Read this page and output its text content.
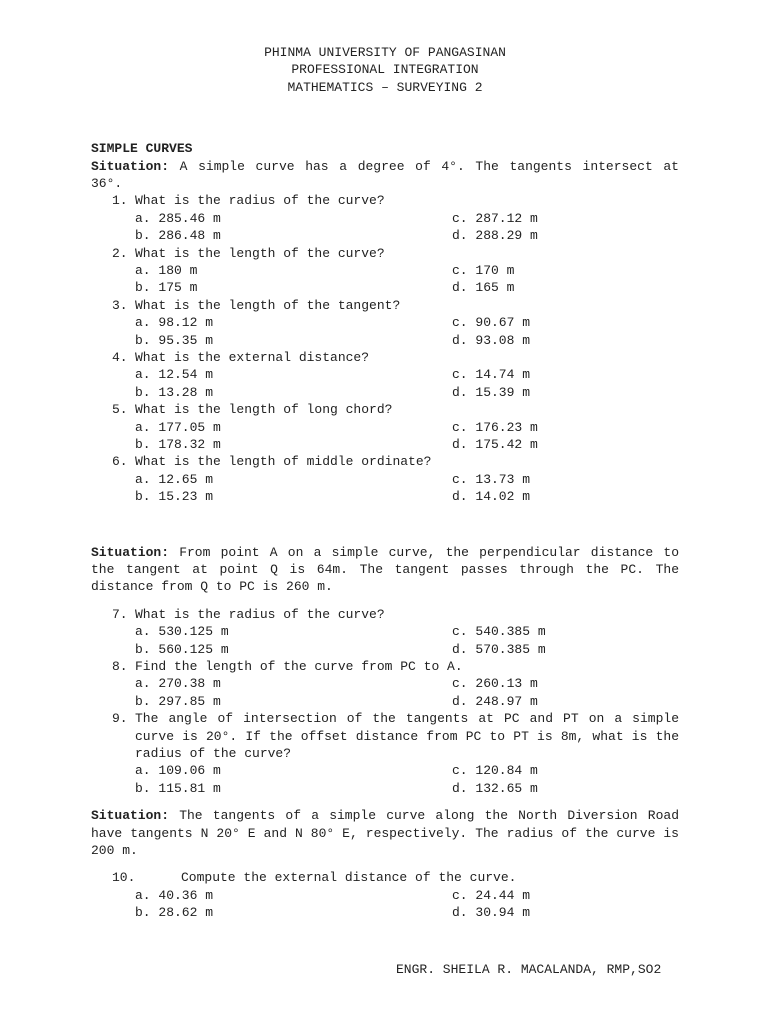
PHINMA UNIVERSITY OF PANGASINAN
PROFESSIONAL INTEGRATION
MATHEMATICS – SURVEYING 2
SIMPLE CURVES
Situation: A simple curve has a degree of 4°. The tangents intersect at 36°.
1. What is the radius of the curve?
a. 285.46 m	c. 287.12 m
b. 286.48 m	d. 288.29 m
2. What is the length of the curve?
a. 180 m	c. 170 m
b. 175 m	d. 165 m
3. What is the length of the tangent?
a. 98.12 m	c. 90.67 m
b. 95.35 m	d. 93.08 m
4. What is the external distance?
a. 12.54 m	c. 14.74 m
b. 13.28 m	d. 15.39 m
5. What is the length of long chord?
a. 177.05 m	c. 176.23 m
b. 178.32 m	d. 175.42 m
6. What is the length of middle ordinate?
a. 12.65 m	c. 13.73 m
b. 15.23 m	d. 14.02 m
Situation: From point A on a simple curve, the perpendicular distance to the tangent at point Q is 64m. The tangent passes through the PC. The distance from Q to PC is 260 m.
7. What is the radius of the curve?
a. 530.125 m	c. 540.385 m
b. 560.125 m	d. 570.385 m
8. Find the length of the curve from PC to A.
a. 270.38 m	c. 260.13 m
b. 297.85 m	d. 248.97 m
9. The angle of intersection of the tangents at PC and PT on a simple curve is 20°. If the offset distance from PC to PT is 8m, what is the radius of the curve?
a. 109.06 m	c. 120.84 m
b. 115.81 m	d. 132.65 m
Situation: The tangents of a simple curve along the North Diversion Road have tangents N 20° E and N 80° E, respectively. The radius of the curve is 200 m.
10.	Compute the external distance of the curve.
a. 40.36 m	c. 24.44 m
b. 28.62 m	d. 30.94 m
ENGR. SHEILA R. MACALANDA, RMP,SO2
